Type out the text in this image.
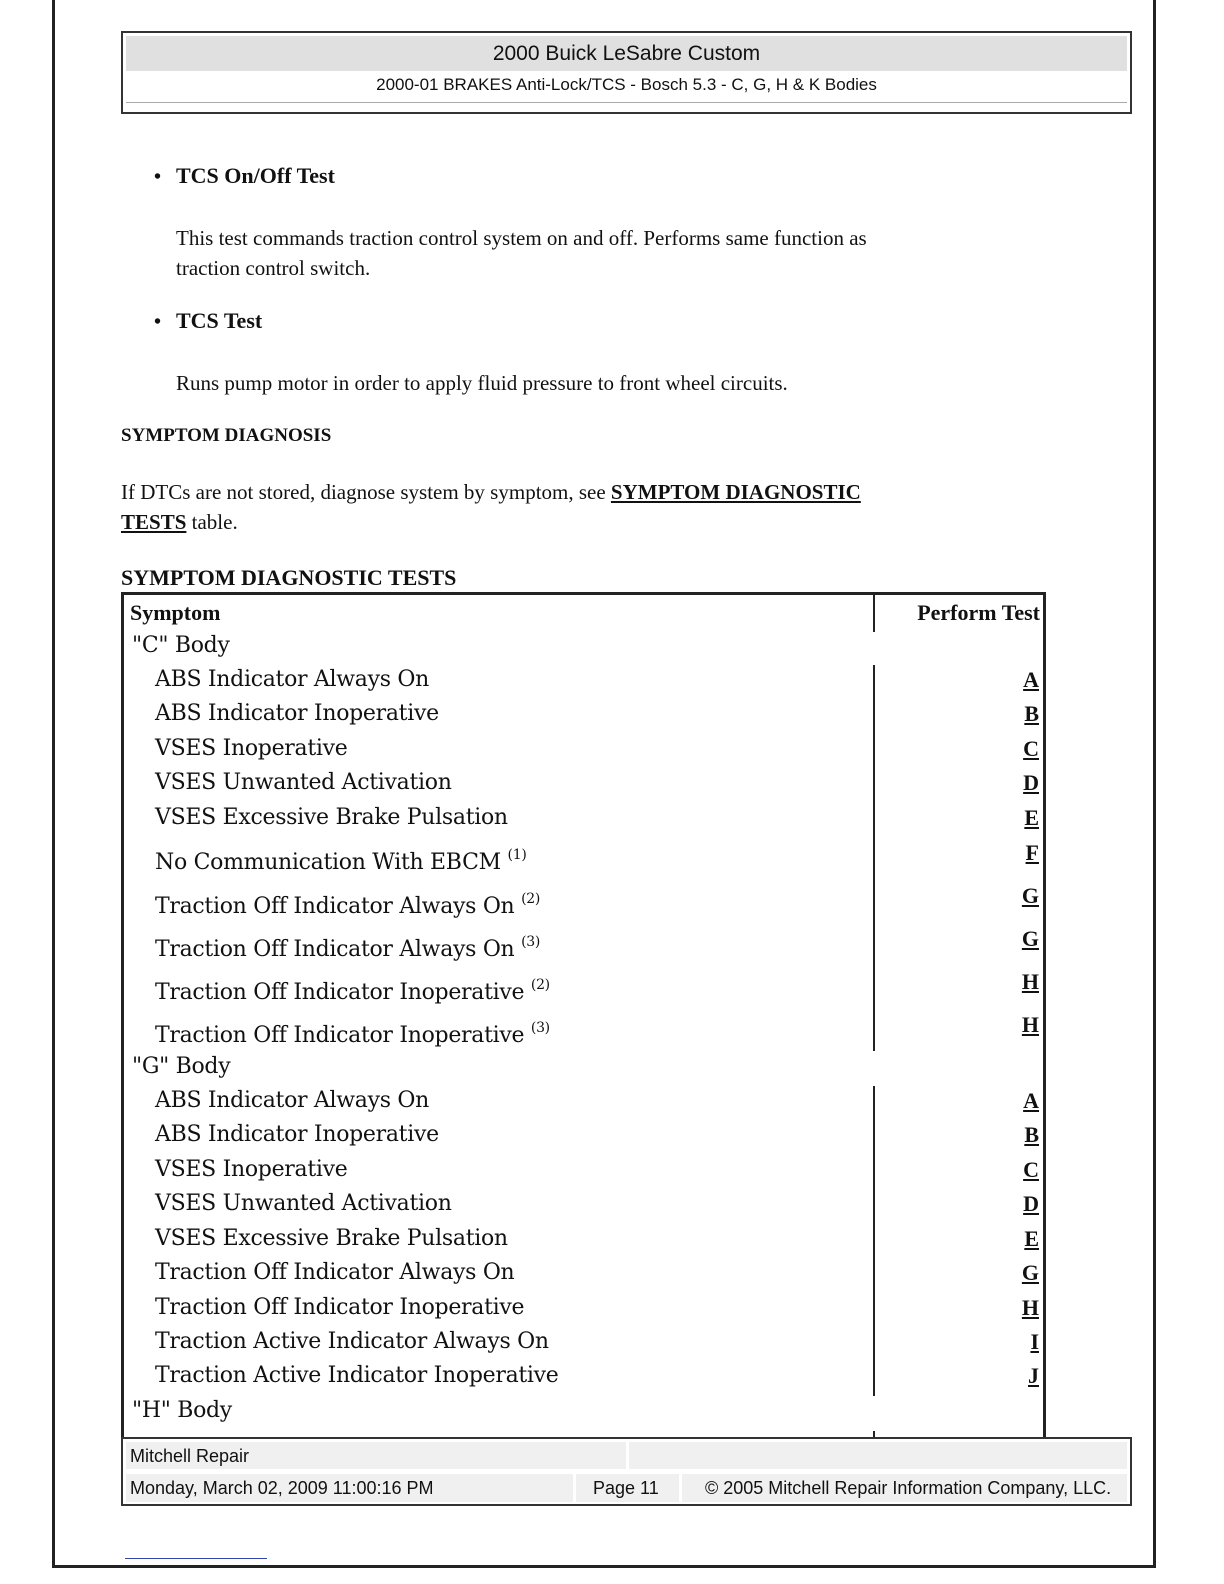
2000 Buick LeSabre Custom
2000-01 BRAKES Anti-Lock/TCS - Bosch 5.3 - C, G, H & K Bodies
• TCS On/Off Test
This test commands traction control system on and off. Performs same function as
traction control switch.
• TCS Test
Runs pump motor in order to apply fluid pressure to front wheel circuits.
SYMPTOM DIAGNOSIS
If DTCs are not stored, diagnose system by symptom, see SYMPTOM DIAGNOSTIC
TESTS table.
SYMPTOM DIAGNOSTIC TESTS
Symptom	Perform Test
"C" Body
ABS Indicator Always On	A
ABS Indicator Inoperative	B
VSES Inoperative	C
VSES Unwanted Activation	D
VSES Excessive Brake Pulsation	E
No Communication With EBCM $^{(1)}$	F
Traction Off Indicator Always On $^{(2)}$	G
Traction Off Indicator Always On $^{(3)}$	G
Traction Off Indicator Inoperative $^{(2)}$	H
Traction Off Indicator Inoperative $^{(3)}$	H
"G" Body
ABS Indicator Always On	A
ABS Indicator Inoperative	B
VSES Inoperative	C
VSES Unwanted Activation	D
VSES Excessive Brake Pulsation	E
Traction Off Indicator Always On	G
Traction Off Indicator Inoperative	H
Traction Active Indicator Always On	I
Traction Active Indicator Inoperative	J
"H" Body
Mitchell Repair
Monday, March 02, 2009 11:00:16 PM	Page 11	© 2005 Mitchell Repair Information Company, LLC.
